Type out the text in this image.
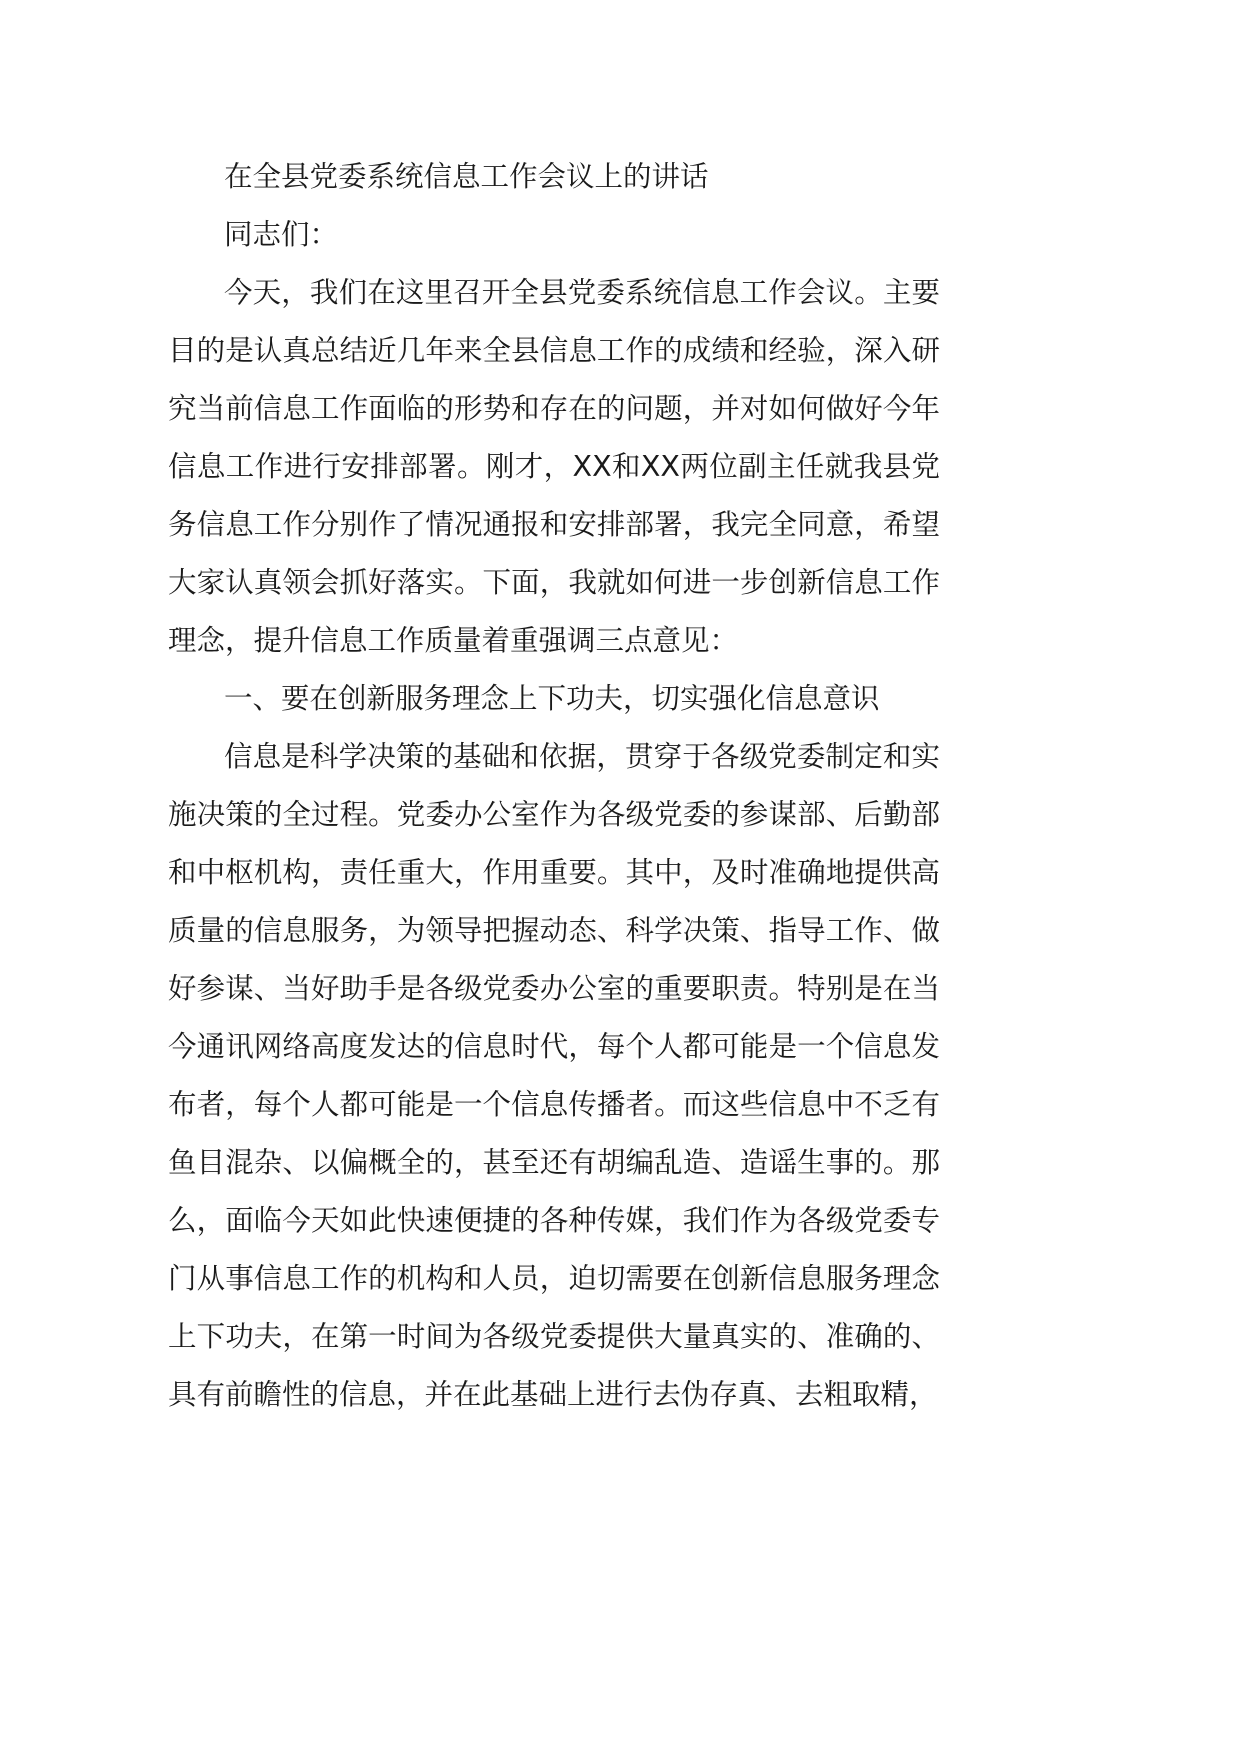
在全县党委系统信息工作会议上的讲话

同志们：

今天，我们在这里召开全县党委系统信息工作会议。主要目的是认真总结近几年来全县信息工作的成绩和经验，深入研究当前信息工作面临的形势和存在的问题，并对如何做好今年信息工作进行安排部署。刚才，XX和XX两位副主任就我县党务信息工作分别作了情况通报和安排部署，我完全同意，希望大家认真领会抓好落实。下面，我就如何进一步创新信息工作理念，提升信息工作质量着重强调三点意见：

一、要在创新服务理念上下功夫，切实强化信息意识

信息是科学决策的基础和依据，贯穿于各级党委制定和实施决策的全过程。党委办公室作为各级党委的参谋部、后勤部和中枢机构，责任重大，作用重要。其中，及时准确地提供高质量的信息服务，为领导把握动态、科学决策、指导工作、做好参谋、当好助手是各级党委办公室的重要职责。特别是在当今通讯网络高度发达的信息时代，每个人都可能是一个信息发布者，每个人都可能是一个信息传播者。而这些信息中不乏有鱼目混杂、以偏概全的，甚至还有胡编乱造、造谣生事的。那么，面临今天如此快速便捷的各种传媒，我们作为各级党委专门从事信息工作的机构和人员，迫切需要在创新信息服务理念上下功夫，在第一时间为各级党委提供大量真实的、准确的、具有前瞻性的信息，并在此基础上进行去伪存真、去粗取精，
